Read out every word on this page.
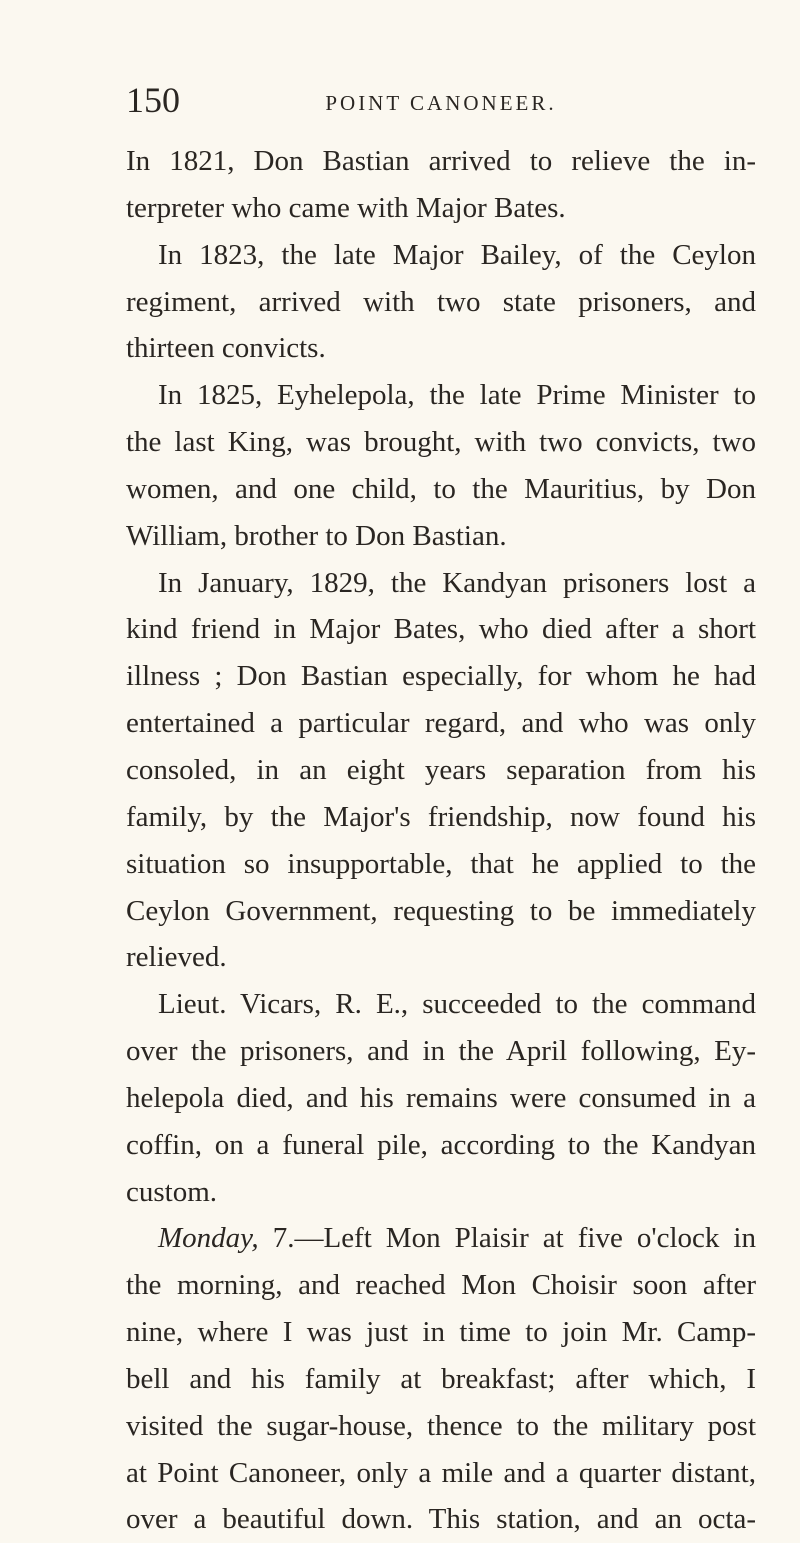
150	POINT CANONEER.
In 1821, Don Bastian arrived to relieve the in-
terpreter who came with Major Bates.
In 1823, the late Major Bailey, of the Ceylon
regiment, arrived with two state prisoners, and
thirteen convicts.
In 1825, Eyhelepola, the late Prime Minister to
the last King, was brought, with two convicts, two
women, and one child, to the Mauritius, by Don
William, brother to Don Bastian.
In January, 1829, the Kandyan prisoners lost a
kind friend in Major Bates, who died after a short
illness ; Don Bastian especially, for whom he had
entertained a particular regard, and who was only
consoled, in an eight years separation from his
family, by the Major's friendship, now found his
situation so insupportable, that he applied to the
Ceylon Government, requesting to be immediately
relieved.
Lieut. Vicars, R. E., succeeded to the command
over the prisoners, and in the April following, Ey-
helepola died, and his remains were consumed in a
coffin, on a funeral pile, according to the Kandyan
custom.
Monday, 7.—Left Mon Plaisir at five o'clock in
the morning, and reached Mon Choisir soon after
nine, where I was just in time to join Mr. Camp-
bell and his family at breakfast; after which, I
visited the sugar-house, thence to the military post
at Point Canoneer, only a mile and a quarter distant,
over a beautiful down. This station, and an octa-
